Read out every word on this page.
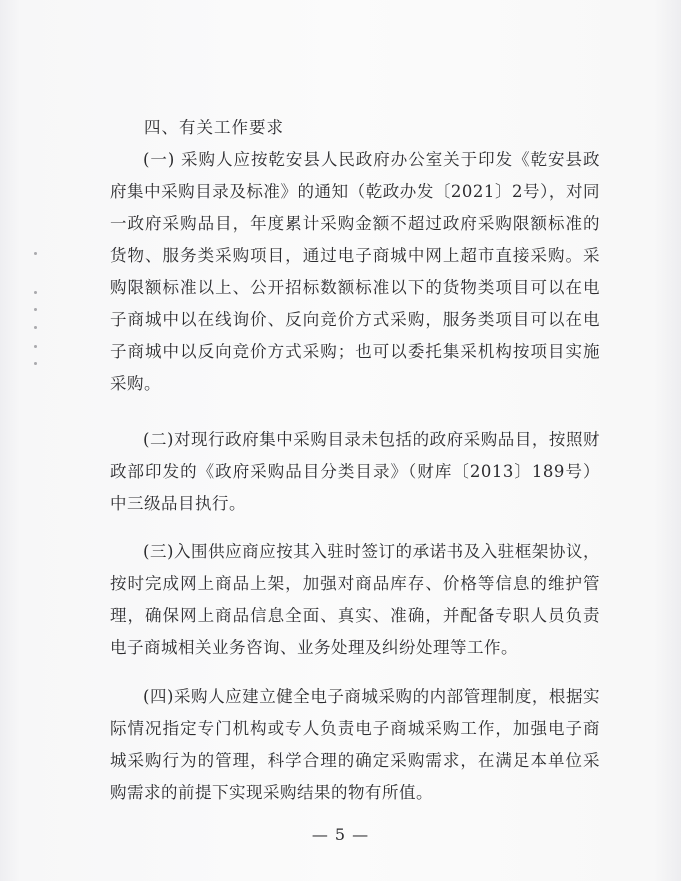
四、有关工作要求

(一) 采购人应按乾安县人民政府办公室关于印发《乾安县政府集中采购目录及标准》的通知（乾政办发〔2021〕2号），对同一政府采购品目，年度累计采购金额不超过政府采购限额标准的货物、服务类采购项目，通过电子商城中网上超市直接采购。采购限额标准以上、公开招标数额标准以下的货物类项目可以在电子商城中以在线询价、反向竞价方式采购，服务类项目可以在电子商城中以反向竞价方式采购；也可以委托集采机构按项目实施采购。

(二)对现行政府集中采购目录未包括的政府采购品目，按照财政部印发的《政府采购品目分类目录》（财库〔2013〕189号）中三级品目执行。

(三)入围供应商应按其入驻时签订的承诺书及入驻框架协议，按时完成网上商品上架，加强对商品库存、价格等信息的维护管理，确保网上商品信息全面、真实、准确，并配备专职人员负责电子商城相关业务咨询、业务处理及纠纷处理等工作。

(四)采购人应建立健全电子商城采购的内部管理制度，根据实际情况指定专门机构或专人负责电子商城采购工作，加强电子商城采购行为的管理，科学合理的确定采购需求，在满足本单位采购需求的前提下实现采购结果的物有所值。

— 5 —
